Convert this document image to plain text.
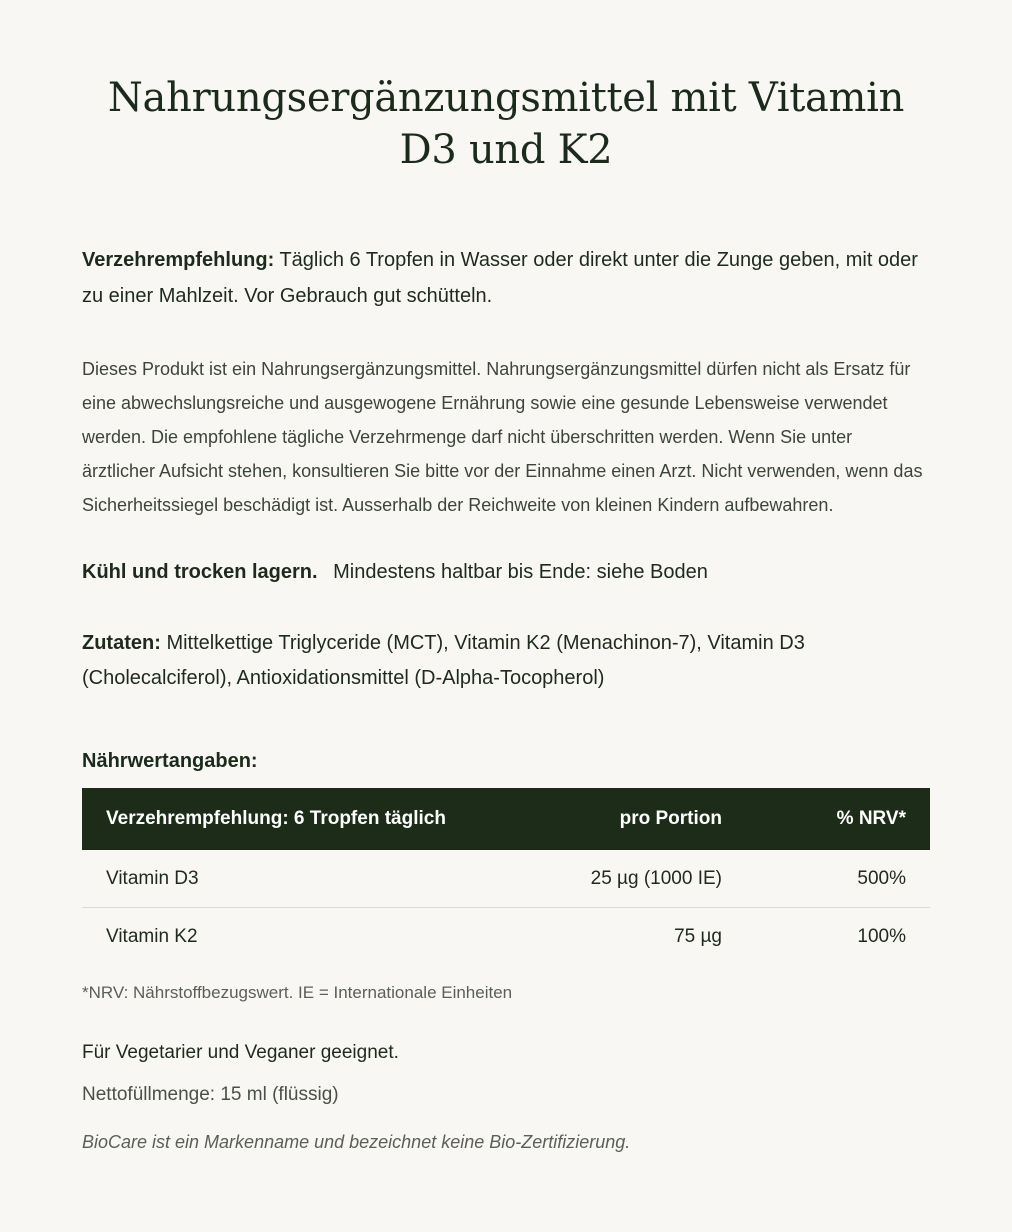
Nahrungsergänzungsmittel mit Vitamin D3 und K2

Verzehrempfehlung: Täglich 6 Tropfen in Wasser oder direkt unter die Zunge geben, mit oder zu einer Mahlzeit. Vor Gebrauch gut schütteln.

Dieses Produkt ist ein Nahrungsergänzungsmittel. Nahrungsergänzungsmittel dürfen nicht als Ersatz für eine abwechslungsreiche und ausgewogene Ernährung sowie eine gesunde Lebensweise verwendet werden. Die empfohlene tägliche Verzehrmenge darf nicht überschritten werden. Wenn Sie unter ärztlicher Aufsicht stehen, konsultieren Sie bitte vor der Einnahme einen Arzt. Nicht verwenden, wenn das Sicherheitssiegel beschädigt ist. Ausserhalb der Reichweite von kleinen Kindern aufbewahren.

Kühl und trocken lagern. Mindestens haltbar bis Ende: siehe Boden

Zutaten: Mittelkettige Triglyceride (MCT), Vitamin K2 (Menachinon-7), Vitamin D3 (Cholecalciferol), Antioxidationsmittel (D-Alpha-Tocopherol)

Nährwertangaben:
Verzehrempfehlung: 6 Tropfen täglich	pro Portion	% NRV*
Vitamin D3	25 µg (1000 IE)	500%
Vitamin K2	75 µg	100%
*NRV: Nährstoffbezugswert. IE = Internationale Einheiten
Für Vegetarier und Veganer geeignet.
Nettofüllmenge: 15 ml (flüssig)
BioCare ist ein Markenname und bezeichnet keine Bio-Zertifizierung.
